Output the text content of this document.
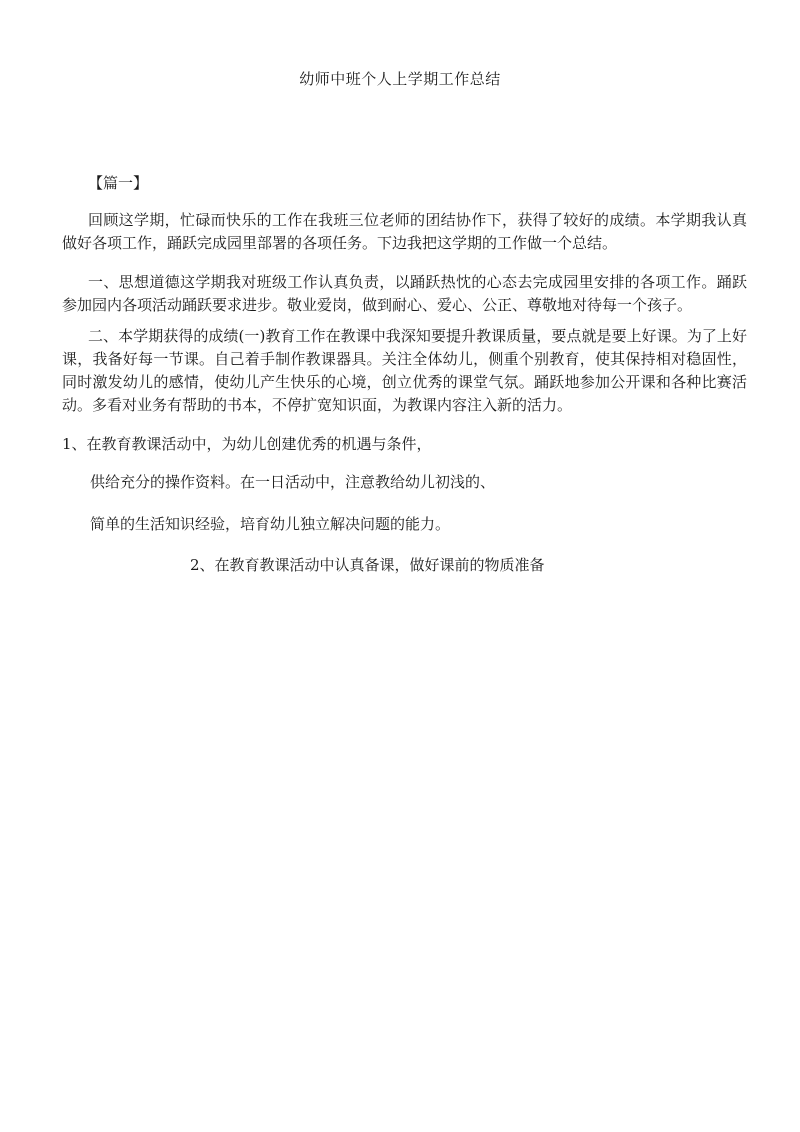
幼师中班个人上学期工作总结
【篇一】

回顾这学期，忙碌而快乐的工作在我班三位老师的团结协作下，获得了较好的成绩。本学期我认真做好各项工作，踊跃完成园里部署的各项任务。下边我把这学期的工作做一个总结。

一、思想道德这学期我对班级工作认真负责，以踊跃热忱的心态去完成园里安排的各项工作。踊跃参加园内各项活动踊跃要求进步。敬业爱岗，做到耐心、爱心、公正、尊敬地对待每一个孩子。

二、本学期获得的成绩(一)教育工作在教课中我深知要提升教课质量，要点就是要上好课。为了上好课，我备好每一节课。自己着手制作教课器具。关注全体幼儿，侧重个别教育，使其保持相对稳固性，同时激发幼儿的感情，使幼儿产生快乐的心境，创立优秀的课堂气氛。踊跃地参加公开课和各种比赛活动。多看对业务有帮助的书本，不停扩宽知识面，为教课内容注入新的活力。

1、在教育教课活动中，为幼儿创建优秀的机遇与条件，
供给充分的操作资料。在一日活动中，注意教给幼儿初浅的、
简单的生活知识经验，培育幼儿独立解决问题的能力。
2、在教育教课活动中认真备课，做好课前的物质准备
